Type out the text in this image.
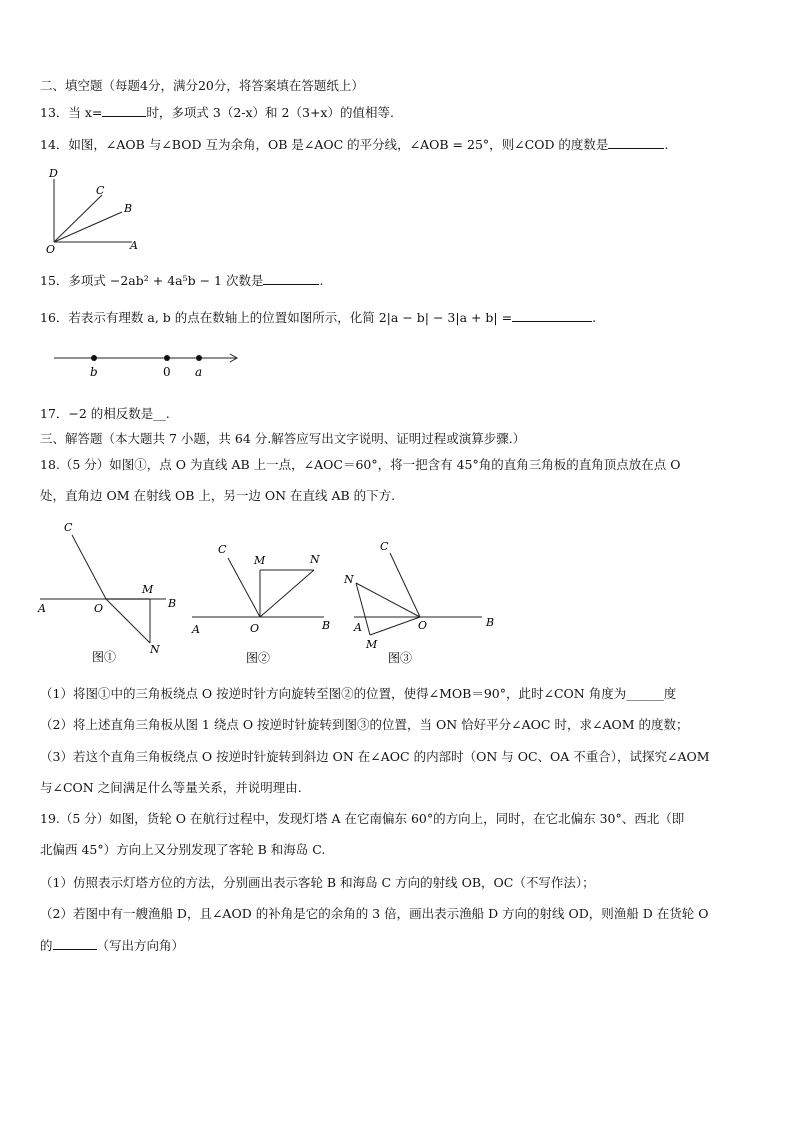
二、填空题（每题4分，满分20分，将答案填在答题纸上）
13．当 x=	时，多项式 3（2-x）和 2（3+x）的值相等.
14．如图，∠AOB 与∠BOD 互为余角，OB 是∠AOC 的平分线，∠AOB = 25°，则∠COD 的度数是	.
D
C
B
O	A
15．多项式 −2ab² + 4a⁵b − 1 次数是	.
16．若表示有理数 a, b 的点在数轴上的位置如图所示，化简 2|a − b| − 3|a + b| =	.
b	0 a
17．−2 的相反数是__.
三、解答题（本大题共 7 小题，共 64 分.解答应写出文字说明、证明过程或演算步骤.）
18.（5 分）如图①，点 O 为直线 AB 上一点，∠AOC＝60°，将一把含有 45°角的直角三角板的直角顶点放在点 O
处，直角边 OM 在射线 OB 上，另一边 ON 在直线 AB 的下方.
C
A	O
M
B
N
图①
C
M	N
A	O	B
图②
C
N
A
M
O	B
图③
（1）将图①中的三角板绕点 O 按逆时针方向旋转至图②的位置，使得∠MOB＝90°，此时∠CON 角度为______度
（2）将上述直角三角板从图 1 绕点 O 按逆时针旋转到图③的位置，当 ON 恰好平分∠AOC 时，求∠AOM 的度数；
（3）若这个直角三角板绕点 O 按逆时针旋转到斜边 ON 在∠AOC 的内部时（ON 与 OC、OA 不重合），试探究∠AOM
与∠CON 之间满足什么等量关系，并说明理由.
19.（5 分）如图，货轮 O 在航行过程中，发现灯塔 A 在它南偏东 60°的方向上，同时，在它北偏东 30°、西北（即
北偏西 45°）方向上又分别发现了客轮 B 和海岛 C.
（1）仿照表示灯塔方位的方法，分别画出表示客轮 B 和海岛 C 方向的射线 OB，OC（不写作法）；
（2）若图中有一艘渔船 D，且∠AOD 的补角是它的余角的 3 倍，画出表示渔船 D 方向的射线 OD，则渔船 D 在货轮 O
的	（写出方向角）
